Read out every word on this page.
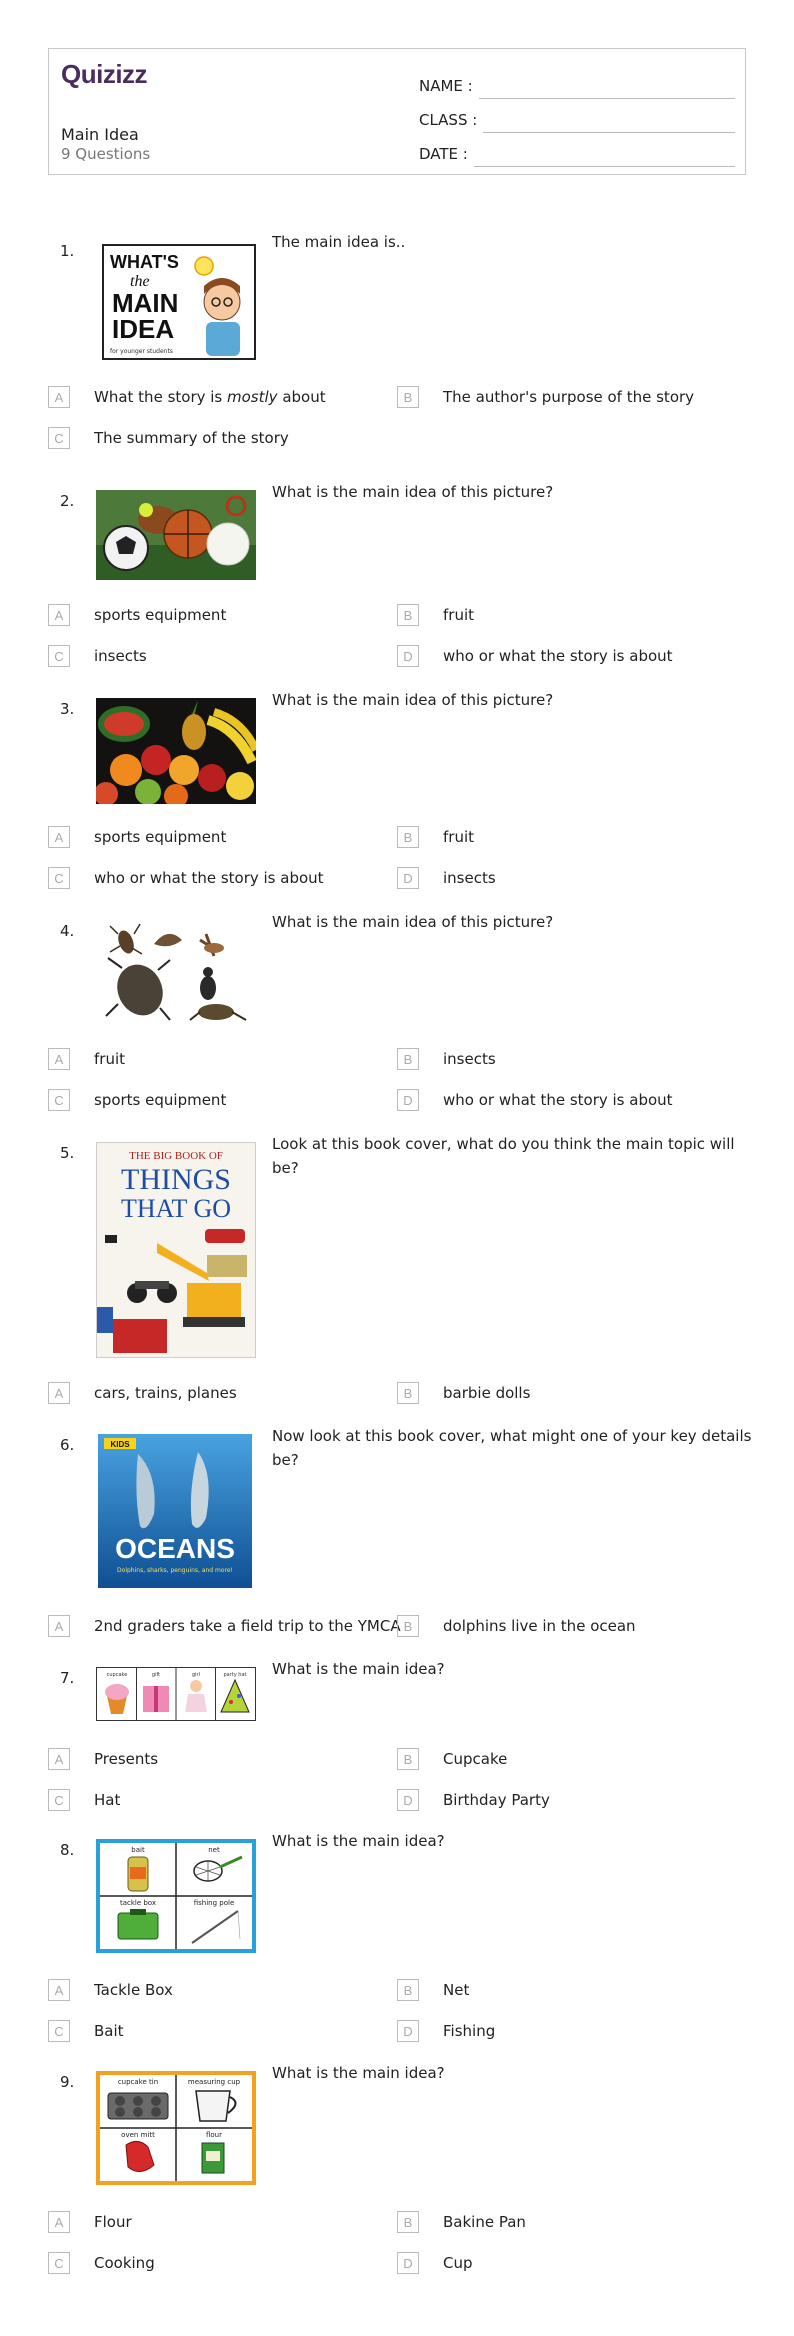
Quizizz
Main Idea
9 Questions
NAME :
CLASS :
DATE :
1.
WHAT'S
the
MAIN
IDEA
for younger students
The main idea is..
A	What the story is mostly about	B	The author's purpose of the story
C	The summary of the story
2.	What is the main idea of this picture?
A	sports equipment	B	fruit
C	insects	D	who or what the story is about
3.	What is the main idea of this picture?
A	sports equipment	B	fruit
C	who or what the story is about	D	insects
4.	What is the main idea of this picture?
A	fruit	B	insects
C	sports equipment	D	who or what the story is about
5.	THE BIG BOOK OF
THINGS
THAT GO
Look at this book cover, what do you think the main topic will be?
A	cars, trains, planes	B	barbie dolls
6.	KIDS
OCEANS
Dolphins, sharks, penguins, and more!
Now look at this book cover, what might one of your key details be?
A	2nd graders take a field trip to the YMCA B	dolphins live in the ocean
7.	cupcake	gift	girl	party hat What is the main idea?
A	Presents	B	Cupcake
C	Hat	D	Birthday Party
8.	bait	net
tackle box	fishing pole
What is the main idea?
A	Tackle Box	B	Net
C	Bait	D	Fishing
9.	cupcake tin	measuring cup
oven mitt	flour
What is the main idea?
A	Flour	B	Bakine Pan
C	Cooking	D	Cup
